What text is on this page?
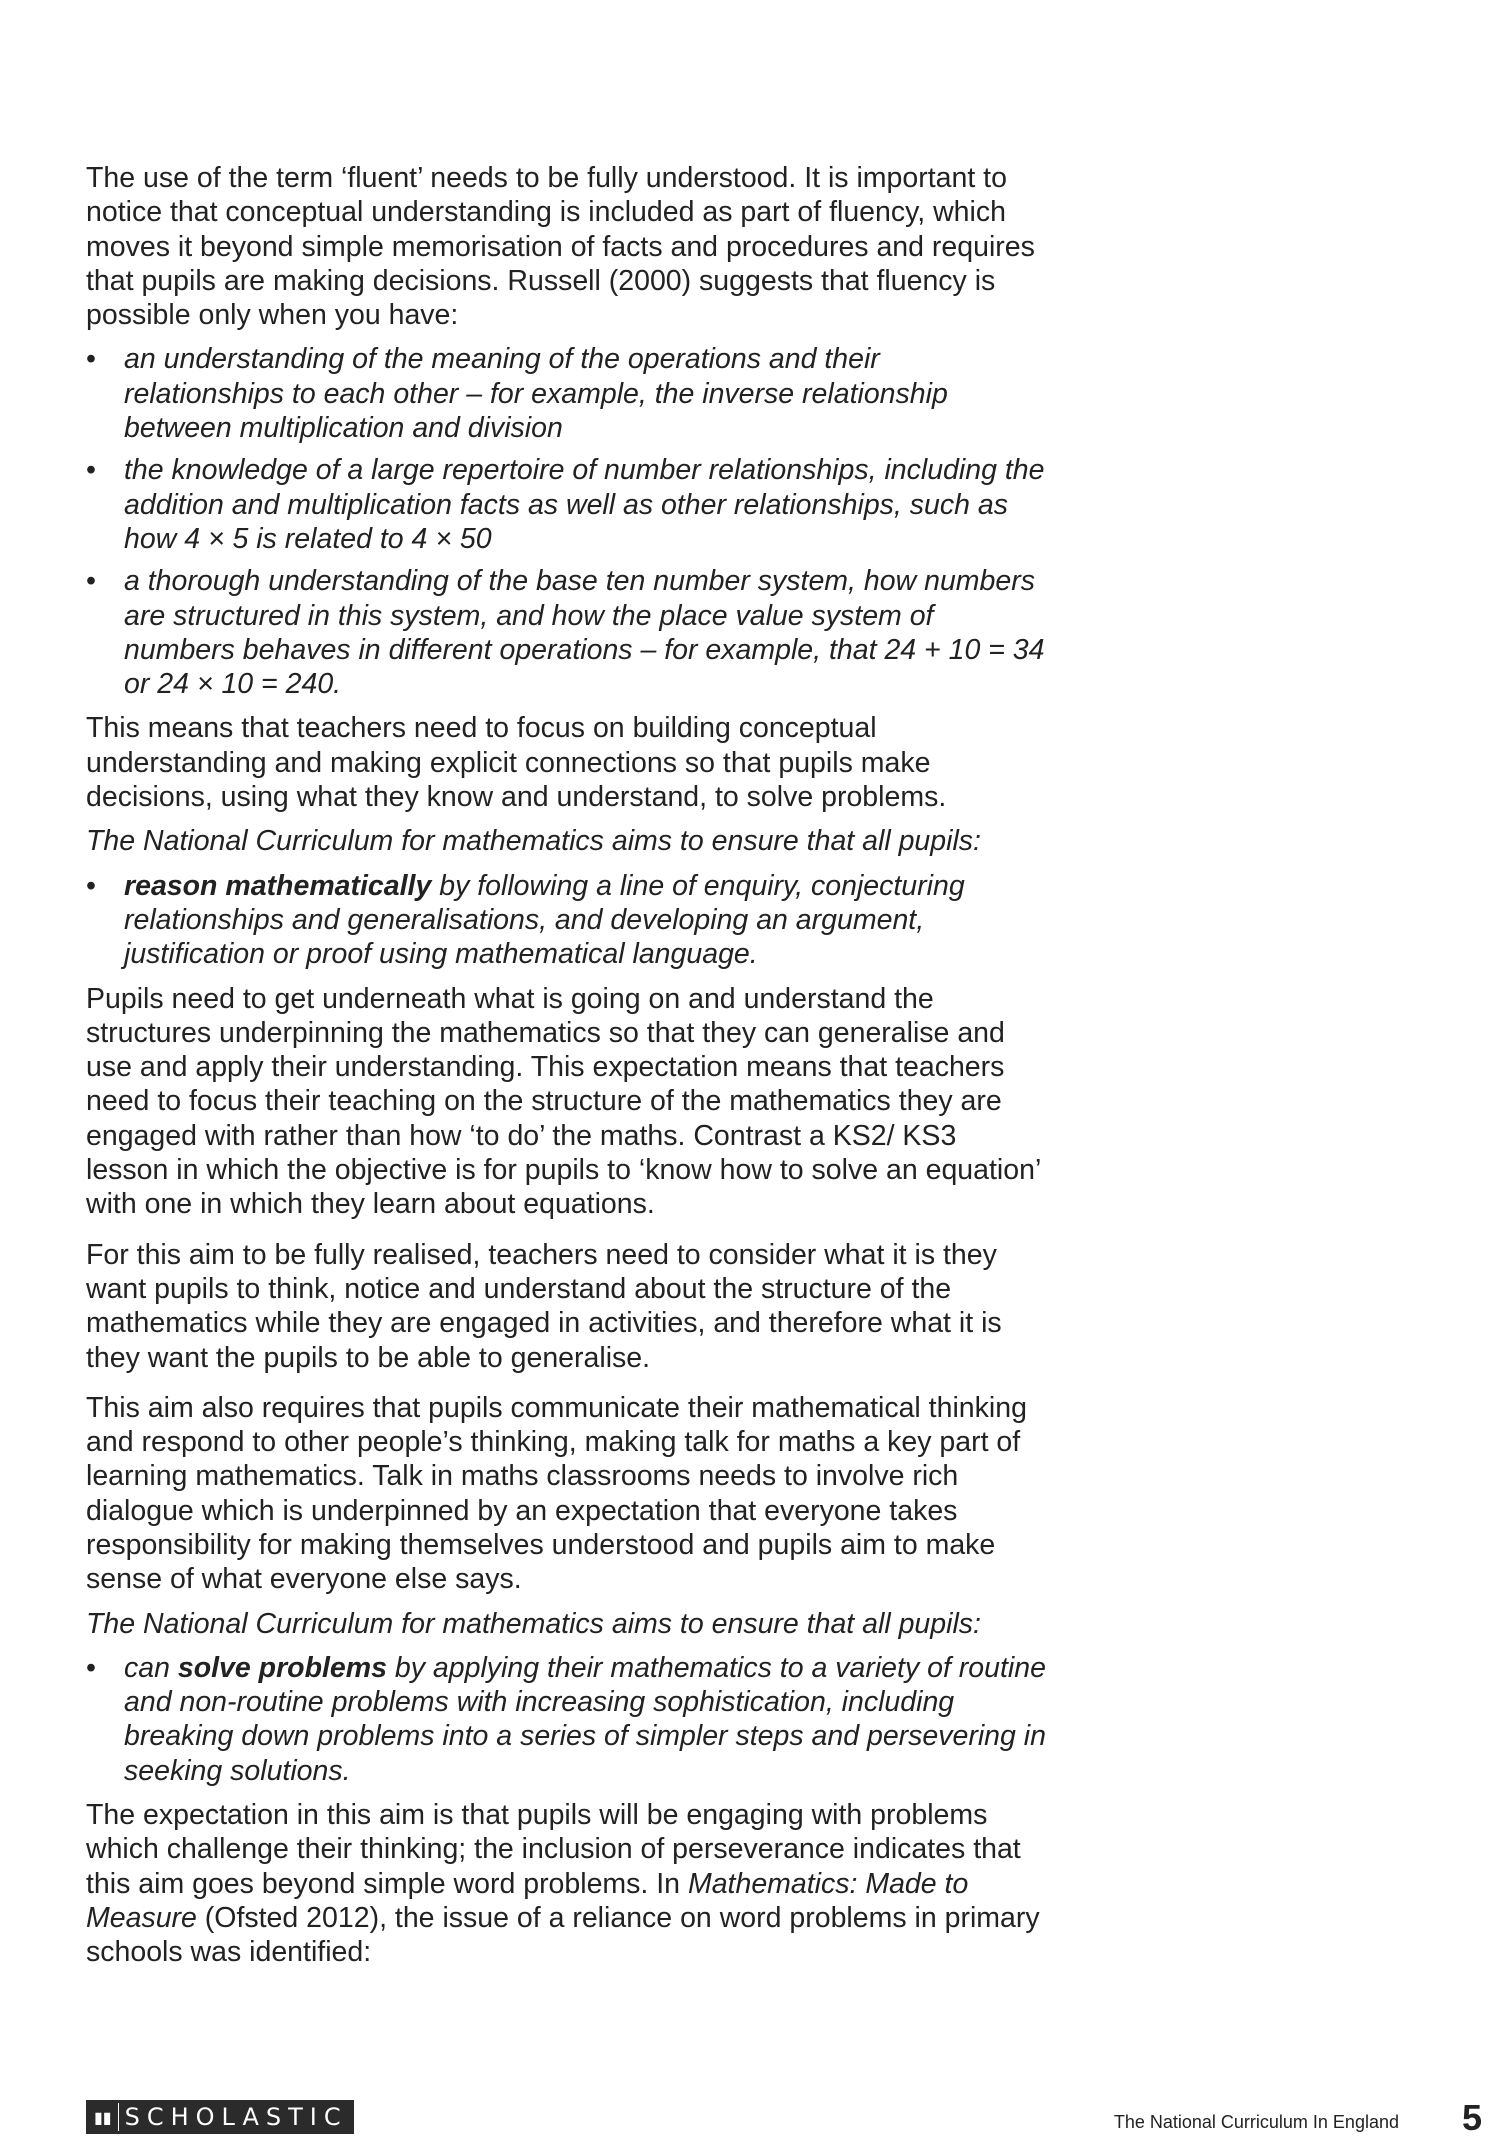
The use of the term ‘fluent’ needs to be fully understood. It is important to notice that conceptual understanding is included as part of fluency, which moves it beyond simple memorisation of facts and procedures and requires that pupils are making decisions. Russell (2000) suggests that fluency is possible only when you have:

• an understanding of the meaning of the operations and their relationships to each other – for example, the inverse relationship between multiplication and division
• the knowledge of a large repertoire of number relationships, including the addition and multiplication facts as well as other relationships, such as how 4 × 5 is related to 4 × 50
• a thorough understanding of the base ten number system, how numbers are structured in this system, and how the place value system of numbers behaves in different operations – for example, that 24 + 10 = 34 or 24 × 10 = 240.

This means that teachers need to focus on building conceptual understanding and making explicit connections so that pupils make decisions, using what they know and understand, to solve problems.

The National Curriculum for mathematics aims to ensure that all pupils:

• reason mathematically by following a line of enquiry, conjecturing relationships and generalisations, and developing an argument, justification or proof using mathematical language.

Pupils need to get underneath what is going on and understand the structures underpinning the mathematics so that they can generalise and use and apply their understanding. This expectation means that teachers need to focus their teaching on the structure of the mathematics they are engaged with rather than how ‘to do’ the maths. Contrast a KS2/ KS3 lesson in which the objective is for pupils to ‘know how to solve an equation’ with one in which they learn about equations.

For this aim to be fully realised, teachers need to consider what it is they want pupils to think, notice and understand about the structure of the mathematics while they are engaged in activities, and therefore what it is they want the pupils to be able to generalise.

This aim also requires that pupils communicate their mathematical thinking and respond to other people’s thinking, making talk for maths a key part of learning mathematics. Talk in maths classrooms needs to involve rich dialogue which is underpinned by an expectation that everyone takes responsibility for making themselves understood and pupils aim to make sense of what everyone else says.

The National Curriculum for mathematics aims to ensure that all pupils:

• can solve problems by applying their mathematics to a variety of routine and non-routine problems with increasing sophistication, including breaking down problems into a series of simpler steps and persevering in seeking solutions.

The expectation in this aim is that pupils will be engaging with problems which challenge their thinking; the inclusion of perseverance indicates that this aim goes beyond simple word problems. In Mathematics: Made to Measure (Ofsted 2012), the issue of a reliance on word problems in primary schools was identified:

▮▮ SCHOLASTIC	The National Curriculum In England 5
